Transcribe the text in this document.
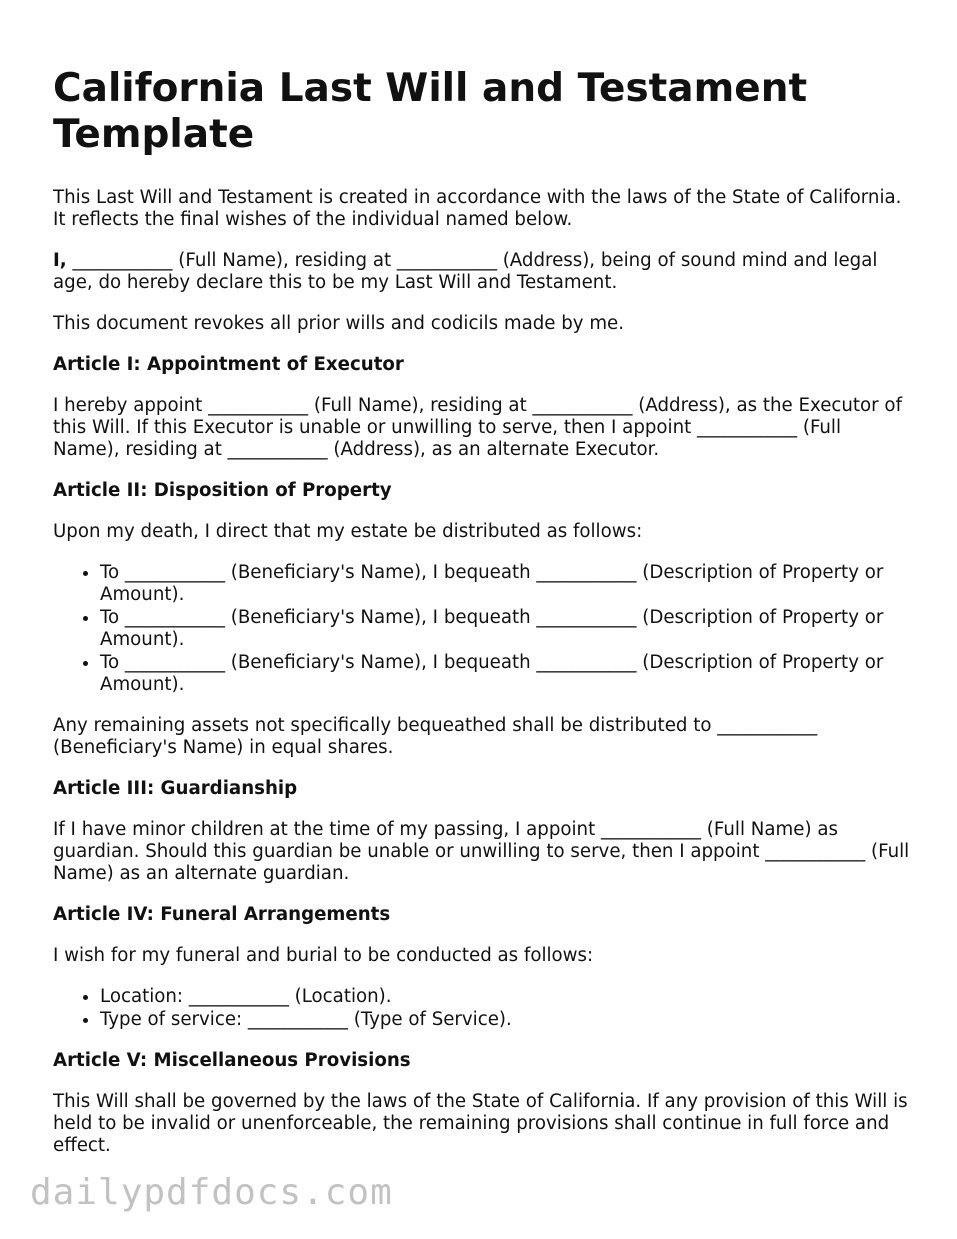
California Last Will and Testament Template

This Last Will and Testament is created in accordance with the laws of the State of California. It reflects the final wishes of the individual named below.

I, ___________ (Full Name), residing at ___________ (Address), being of sound mind and legal age, do hereby declare this to be my Last Will and Testament.

This document revokes all prior wills and codicils made by me.

Article I: Appointment of Executor

I hereby appoint ___________ (Full Name), residing at ___________ (Address), as the Executor of this Will. If this Executor is unable or unwilling to serve, then I appoint ___________ (Full Name), residing at ___________ (Address), as an alternate Executor.

Article II: Disposition of Property

Upon my death, I direct that my estate be distributed as follows:

• To ___________ (Beneficiary's Name), I bequeath ___________ (Description of Property or Amount).
• To ___________ (Beneficiary's Name), I bequeath ___________ (Description of Property or Amount).
• To ___________ (Beneficiary's Name), I bequeath ___________ (Description of Property or Amount).

Any remaining assets not specifically bequeathed shall be distributed to ___________ (Beneficiary's Name) in equal shares.

Article III: Guardianship

If I have minor children at the time of my passing, I appoint ___________ (Full Name) as guardian. Should this guardian be unable or unwilling to serve, then I appoint ___________ (Full Name) as an alternate guardian.

Article IV: Funeral Arrangements

I wish for my funeral and burial to be conducted as follows:

• Location: ___________ (Location).
• Type of service: ___________ (Type of Service).
Article V: Miscellaneous Provisions

This Will shall be governed by the laws of the State of California. If any provision of this Will is held to be invalid or unenforceable, the remaining provisions shall continue in full force and effect.

dailypdfdocs.com
